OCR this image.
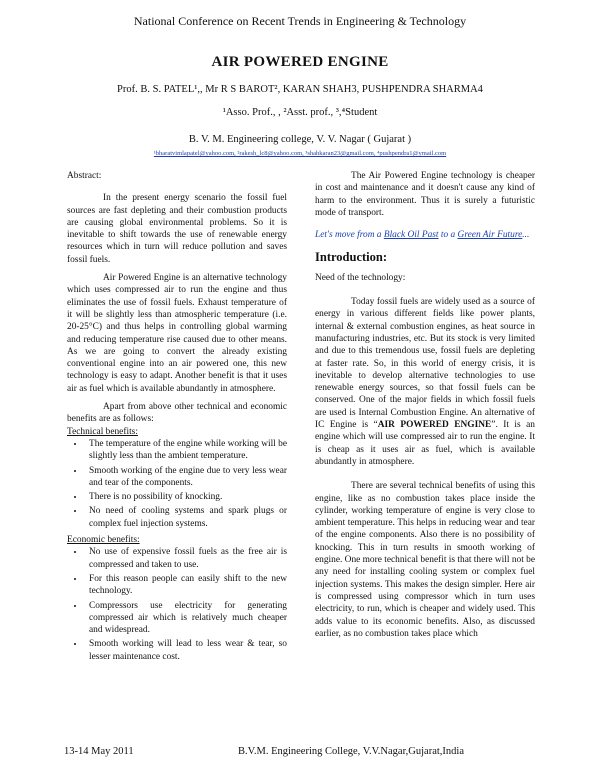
National Conference on Recent Trends in Engineering & Technology
AIR POWERED ENGINE
Prof. B. S. PATEL¹,, Mr R S BAROT², KARAN SHAH3, PUSHPENDRA SHARMA4
¹Asso. Prof., , ²Asst. prof., ³,⁴Student
B. V. M. Engineering college, V. V. Nagar ( Gujarat )
¹bharatvimlapatel@yahoo.com, ²rakesh_lc8@yahoo.com, ³shahkaran23@gmail.com, ⁴pushpendra1@ymail.com

Abstract:

In the present energy scenario the fossil fuel sources are fast depleting and their combustion products are causing global environmental problems. So it is inevitable to shift towards the use of renewable energy resources which in turn will reduce pollution and saves fossil fuels.

Air Powered Engine is an alternative technology which uses compressed air to run the engine and thus eliminates the use of fossil fuels. Exhaust temperature of it will be slightly less than atmospheric temperature (i.e. 20-25°C) and thus helps in controlling global warming and reducing temperature rise caused due to other means. As we are going to convert the already existing conventional engine into an air powered one, this new technology is easy to adapt. Another benefit is that it uses air as fuel which is available abundantly in atmosphere.

Apart from above other technical and economic benefits are as follows:

Technical benefits:
• The temperature of the engine while working will be slightly less than the ambient temperature.
• Smooth working of the engine due to very less wear and tear of the components.
• There is no possibility of knocking.
• No need of cooling systems and spark plugs or complex fuel injection systems.
Economic benefits:
• No use of expensive fossil fuels as the free air is compressed and taken to use.
• For this reason people can easily shift to the new technology.
• Compressors use electricity for generating compressed air which is relatively much cheaper and widespread.
• Smooth working will lead to less wear & tear, so lesser maintenance cost.

The Air Powered Engine technology is cheaper in cost and maintenance and it doesn't cause any kind of harm to the environment. Thus it is surely a futuristic mode of transport.

Let's move from a Black Oil Past to a Green Air Future...

Introduction:

Need of the technology:

Today fossil fuels are widely used as a source of energy in various different fields like power plants, internal & external combustion engines, as heat source in manufacturing industries, etc. But its stock is very limited and due to this tremendous use, fossil fuels are depleting at faster rate. So, in this world of energy crisis, it is inevitable to develop alternative technologies to use renewable energy sources, so that fossil fuels can be conserved. One of the major fields in which fossil fuels are used is Internal Combustion Engine. An alternative of IC Engine is “AIR POWERED ENGINE”. It is an engine which will use compressed air to run the engine. It is cheap as it uses air as fuel, which is available abundantly in atmosphere.

There are several technical benefits of using this engine, like as no combustion takes place inside the cylinder, working temperature of engine is very close to ambient temperature. This helps in reducing wear and tear of the engine components. Also there is no possibility of knocking. This in turn results in smooth working of engine. One more technical benefit is that there will not be any need for installing cooling system or complex fuel injection systems. This makes the design simpler. Here air is compressed using compressor which in turn uses electricity, to run, which is cheaper and widely used. This adds value to its economic benefits. Also, as discussed earlier, as no combustion takes place which

13-14 May 2011	B.V.M. Engineering College, V.V.Nagar,Gujarat,India
